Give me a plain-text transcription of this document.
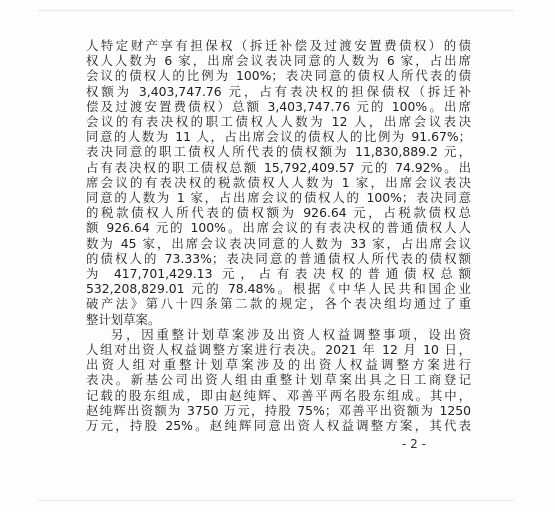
人特定财产享有担保权（拆迁补偿及过渡安置费债权）的债
权人人数为 6 家，出席会议表决同意的人数为 6 家，占出席
会议的债权人的比例为 100%；表决同意的债权人所代表的债
权额为 3,403,747.76 元，占有表决权的担保债权（拆迁补
偿及过渡安置费债权）总额 3,403,747.76 元的 100%。出席
会议的有表决权的职工债权人人数为 12 人，出席会议表决
同意的人数为 11 人，占出席会议的债权人的比例为 91.67%；
表决同意的职工债权人所代表的债权额为 11,830,889.2 元，
占有表决权的职工债权总额 15,792,409.57 元的 74.92%。出
席会议的有表决权的税款债权人人数为 1 家，出席会议表决
同意的人数为 1 家，占出席会议的债权人的 100%；表决同意
的税款债权人所代表的债权额为 926.64 元，占税款债权总
额 926.64 元的 100%。出席会议的有表决权的普通债权人人
数为 45 家，出席会议表决同意的人数为 33 家，占出席会议
的债权人的 73.33%；表决同意的普通债权人所代表的债权额
为 417,701,429.13 元，占有表决权的普通债权总额
532,208,829.01 元的 78.48%。根据《中华人民共和国企业
破产法》第八十四条第二款的规定，各个表决组均通过了重
整计划草案。
另，因重整计划草案涉及出资人权益调整事项，设出资
人组对出资人权益调整方案进行表决。2021 年 12 月 10 日，
出资人组对重整计划草案涉及的出资人权益调整方案进行
表决。新基公司出资人组由重整计划草案出具之日工商登记
记载的股东组成，即由赵纯辉、邓善平两名股东组成。其中，
赵纯辉出资额为 3750 万元，持股 75%；邓善平出资额为 1250
万元，持股 25%。赵纯辉同意出资人权益调整方案，其代表
- 2 -
